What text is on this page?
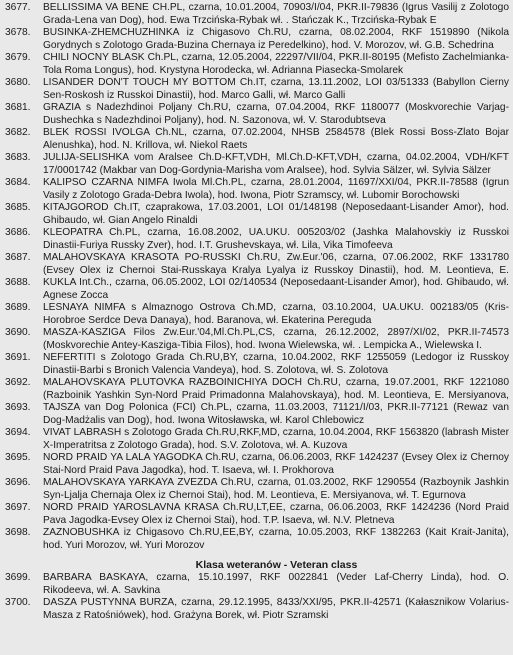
3677.	BELLISSIMA VA BENE CH.PL, czarna, 10.01.2004, 70903/I/04, PKR.II-79836 (Igrus Vasilij z Zolotogo Grada-Lena van Dog), hod. Ewa Trzcińska-Rybak wł. . Stańczak K., Trzcińska-Rybak E
3678.	BUSINKA-ZHEMCHUZHINKA iz Chigasovo Ch.RU, czarna, 08.02.2004, RKF 1519890 (Nikola Gorydnych s Zolotogo Grada-Buzina Chernaya iz Peredelkino), hod. V. Morozov, wł. G.B. Schedrina
3679.	CHILI NOCNY BLASK Ch.PL, czarna, 12.05.2004, 22297/VII/04, PKR.II-80195 (Mefisto Zachelmianka-Tola Roma Longus), hod. Krystyna Horodecka, wł. Adrianna Piasecka-Smolarek
3680.	LISANDER DON'T TOUCH MY BOTTOM Ch.IT, czarna, 13.11.2002, LOI 03/51333 (Babyllon Cierny Sen-Roskosh iz Russkoi Dinastii), hod. Marco Galli, wł. Marco Galli
3681.	GRAZIA s Nadezhdinoi Poljany Ch.RU, czarna, 07.04.2004, RKF 1180077 (Moskvorechie Varjag-Dushechka s Nadezhdinoi Poljany), hod. N. Sazonova, wł. V. Starodubtseva
3682.	BLEK ROSSI IVOLGA Ch.NL, czarna, 07.02.2004, NHSB 2584578 (Blek Rossi Boss-Zlato Bojar Alenushka), hod. N. Krillova, wł. Niekol Raets
3683.	JULIJA-SELISHKA vom Aralsee Ch.D-KFT,VDH, Ml.Ch.D-KFT,VDH, czarna, 04.02.2004, VDH/KFT 17/0001742 (Makbar van Dog-Gordynia-Marisha vom Aralsee), hod. Sylvia Sälzer, wł. Sylvia Sälzer
3684.	KALIPSO CZARNA NIMFA Iwola Ml.Ch.PL, czarna, 28.01.2004, 11697/XXI/04, PKR.II-78588 (Igrun Vasily z Zolotogo Grada-Debra Iwola), hod. Iwona, Piotr Szramscy, wł. Lubomir Borochowski
3685.	KITAJGOROD Ch.IT, czaprakowa, 17.03.2001, LOI 01/148198 (Neposedaant-Lisander Amor), hod. Ghibaudo, wł. Gian Angelo Rinaldi
3686.	KLEOPATRA Ch.PL, czarna, 16.08.2002, UA.UKU. 005203/02 (Jashka Malahovskiy iz Russkoi Dinastii-Furiya Russky Zver), hod. I.T. Grushevskaya, wł. Lila, Vika Timofeeva
3687.	MALAHOVSKAYA KRASOTA PO-RUSSKI Ch.RU, Zw.Eur.'06, czarna, 07.06.2002, RKF 1331780 (Evsey Olex iz Chernoi Stai-Russkaya Kralya Lyalya iz Russkoy Dinastii), hod. M. Leontieva, E.
3688.	KUKLA Int.Ch., czarna, 06.05.2002, LOI 02/140534 (Neposedaant-Lisander Amor), hod. Ghibaudo, wł. Agnese Zocca
3689.	LESNAYA NIMFA s Almaznogo Ostrova Ch.MD, czarna, 03.10.2004, UA.UKU. 002183/05 (Kris-Horobroe Serdce Deva Danaya), hod. Baranova, wł. Ekaterina Pereguda
3690.	MASZA-KASZIGA Filos Zw.Eur.'04,Ml.Ch.PL,CS, czarna, 26.12.2002, 2897/XI/02, PKR.II-74573 (Moskvorechie Antey-Kasziga-Tibia Filos), hod. Iwona Wielewska, wł. . Lempicka A., Wielewska I.
3691.	NEFERTITI s Zolotogo Grada Ch.RU,BY, czarna, 10.04.2002, RKF 1255059 (Ledogor iz Russkoy Dinastii-Barbi s Bronich Valencia Vandeya), hod. S. Zolotova, wł. S. Zolotova
3692.	MALAHOVSKAYA PLUTOVKA RAZBOINICHIYA DOCH Ch.RU, czarna, 19.07.2001, RKF 1221080 (Razboinik Yashkin Syn-Nord Praid Primadonna Malahovskaya), hod. M. Leontieva, E. Mersiyanova,
3693.	TAJSZA van Dog Polonica (FCI) Ch.PL, czarna, 11.03.2003, 71121/I/03, PKR.II-77121 (Rewaz van Dog-Madżalis van Dog), hod. Iwona Witosławska, wł. Karol Chlebowicz
3694.	VIVAT LABRASH s Zolotogo Grada Ch.RU,RKF,MD, czarna, 10.04.2004, RKF 1563820 (labrash Mister X-Imperatritsa z Zolotogo Grada), hod. S.V. Zolotova, wł. A. Kuzova
3695.	NORD PRAID YA LALA YAGODKA Ch.RU, czarna, 06.06.2003, RKF 1424237 (Evsey Olex iz Chernoy Stai-Nord Praid Pava Jagodka), hod. T. Isaeva, wł. I. Prokhorova
3696.	MALAHOVSKAYA YARKAYA ZVEZDA Ch.RU, czarna, 01.03.2002, RKF 1290554 (Razboynik Jashkin Syn-Ljalja Chernaja Olex iz Chernoi Stai), hod. M. Leontieva, E. Mersiyanova, wł. T. Egurnova
3697.	NORD PRAID YAROSLAVNA KRASA Ch.RU,LT,EE, czarna, 06.06.2003, RKF 1424236 (Nord Praid Pava Jagodka-Evsey Olex iz Chernoi Stai), hod. T.P. Isaeva, wł. N.V. Pletneva
3698.	ZAZNOBUSHKA iz Chigasovo Ch.RU,EE,BY, czarna, 10.05.2003, RKF 1382263 (Kait Krait-Janita), hod. Yuri Morozov, wł. Yuri Morozov
Klasa weteranów - Veteran class
3699.	BARBARA BASKAYA, czarna, 15.10.1997, RKF 0022841 (Veder Laf-Cherry Linda), hod. O. Rikodeeva, wł. A. Savkina
3700.	DASZA PUSTYNNA BURZA, czarna, 29.12.1995, 8433/XXI/95, PKR.II-42571 (Kałasznikow Volarius-Masza z Ratośniówek), hod. Grażyna Borek, wł. Piotr Szramski
